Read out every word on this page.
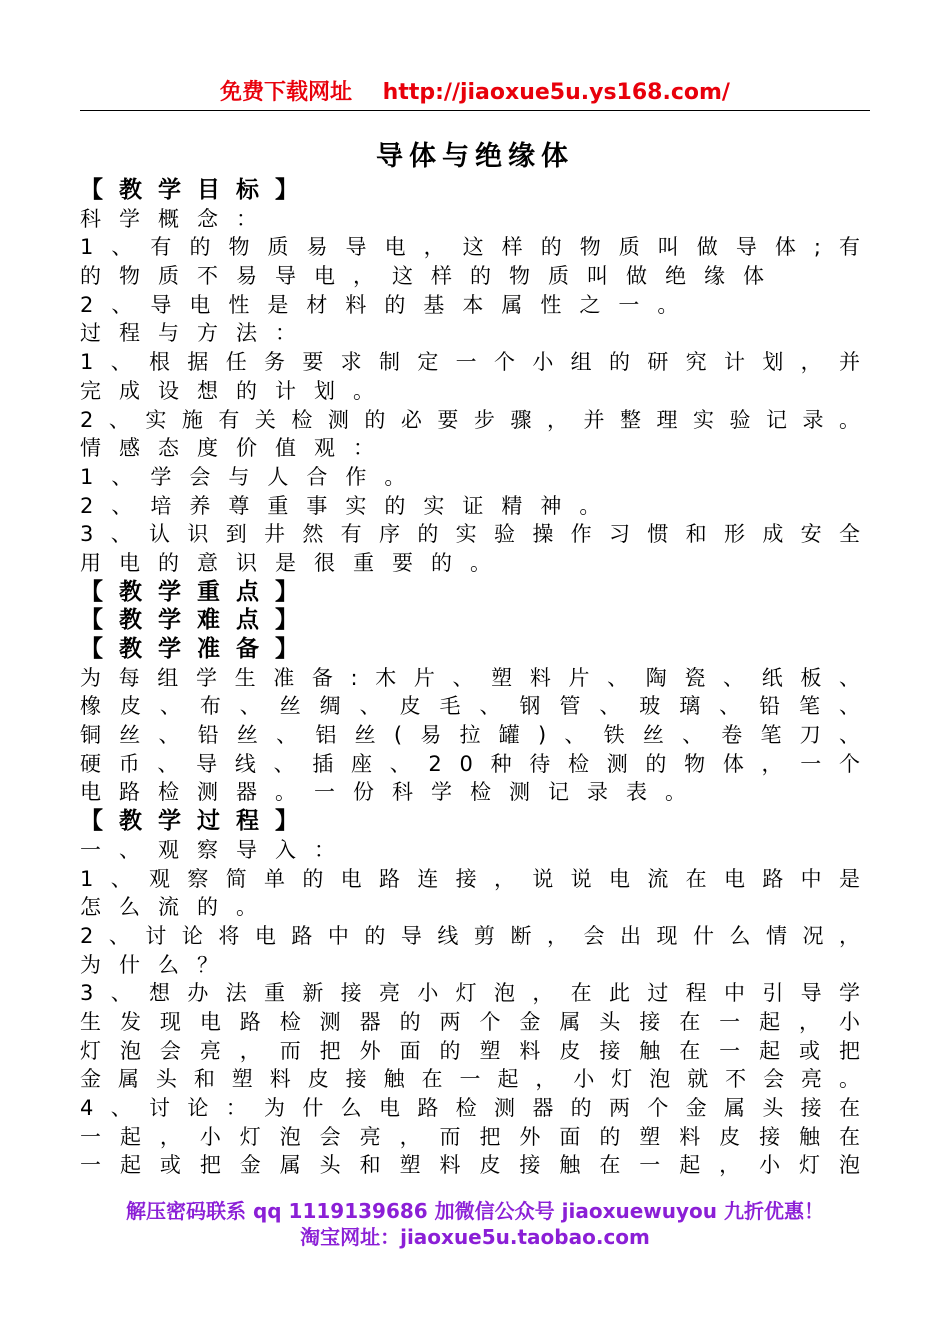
免费下载网址    http://jiaoxue5u.ys168.com/
导体与绝缘体
【教学目标】
科学概念：
1、有的物质易导电，这样的物质叫做导体;有
的物质不易导电，这样的物质叫做绝缘体
2、导电性是材料的基本属性之一。
过程与方法：
1、根据任务要求制定一个小组的研究计划，并
完成设想的计划。
2、实施有关检测的必要步骤，并整理实验记录。
情感态度价值观：
1、学会与人合作。
2、培养尊重事实的实证精神。
3、认识到井然有序的实验操作习惯和形成安全
用电的意识是很重要的。
【教学重点】
【教学难点】
【教学准备】
为每组学生准备:木片、塑料片、陶瓷、纸板、
橡皮、布、丝绸、皮毛、钢管、玻璃、铅笔、
铜丝、铅丝、铝丝(易拉罐)、铁丝、卷笔刀、
硬币、导线、插座、20种待检测的物体，一个
电路检测器。一份科学检测记录表。
【教学过程】
一、观察导入：
1、观察简单的电路连接，说说电流在电路中是
怎么流的。
2、讨论将电路中的导线剪断，会出现什么情况，
为什么？
3、想办法重新接亮小灯泡，在此过程中引导学
生发现电路检测器的两个金属头接在一起，小
灯泡会亮，而把外面的塑料皮接触在一起或把
金属头和塑料皮接触在一起，小灯泡就不会亮。
4、讨论：为什么电路检测器的两个金属头接在
一起，小灯泡会亮，而把外面的塑料皮接触在
一起或把金属头和塑料皮接触在一起，小灯泡
解压密码联系 qq 1119139686 加微信公众号 jiaoxuewuyou 九折优惠！
淘宝网址：jiaoxue5u.taobao.com
